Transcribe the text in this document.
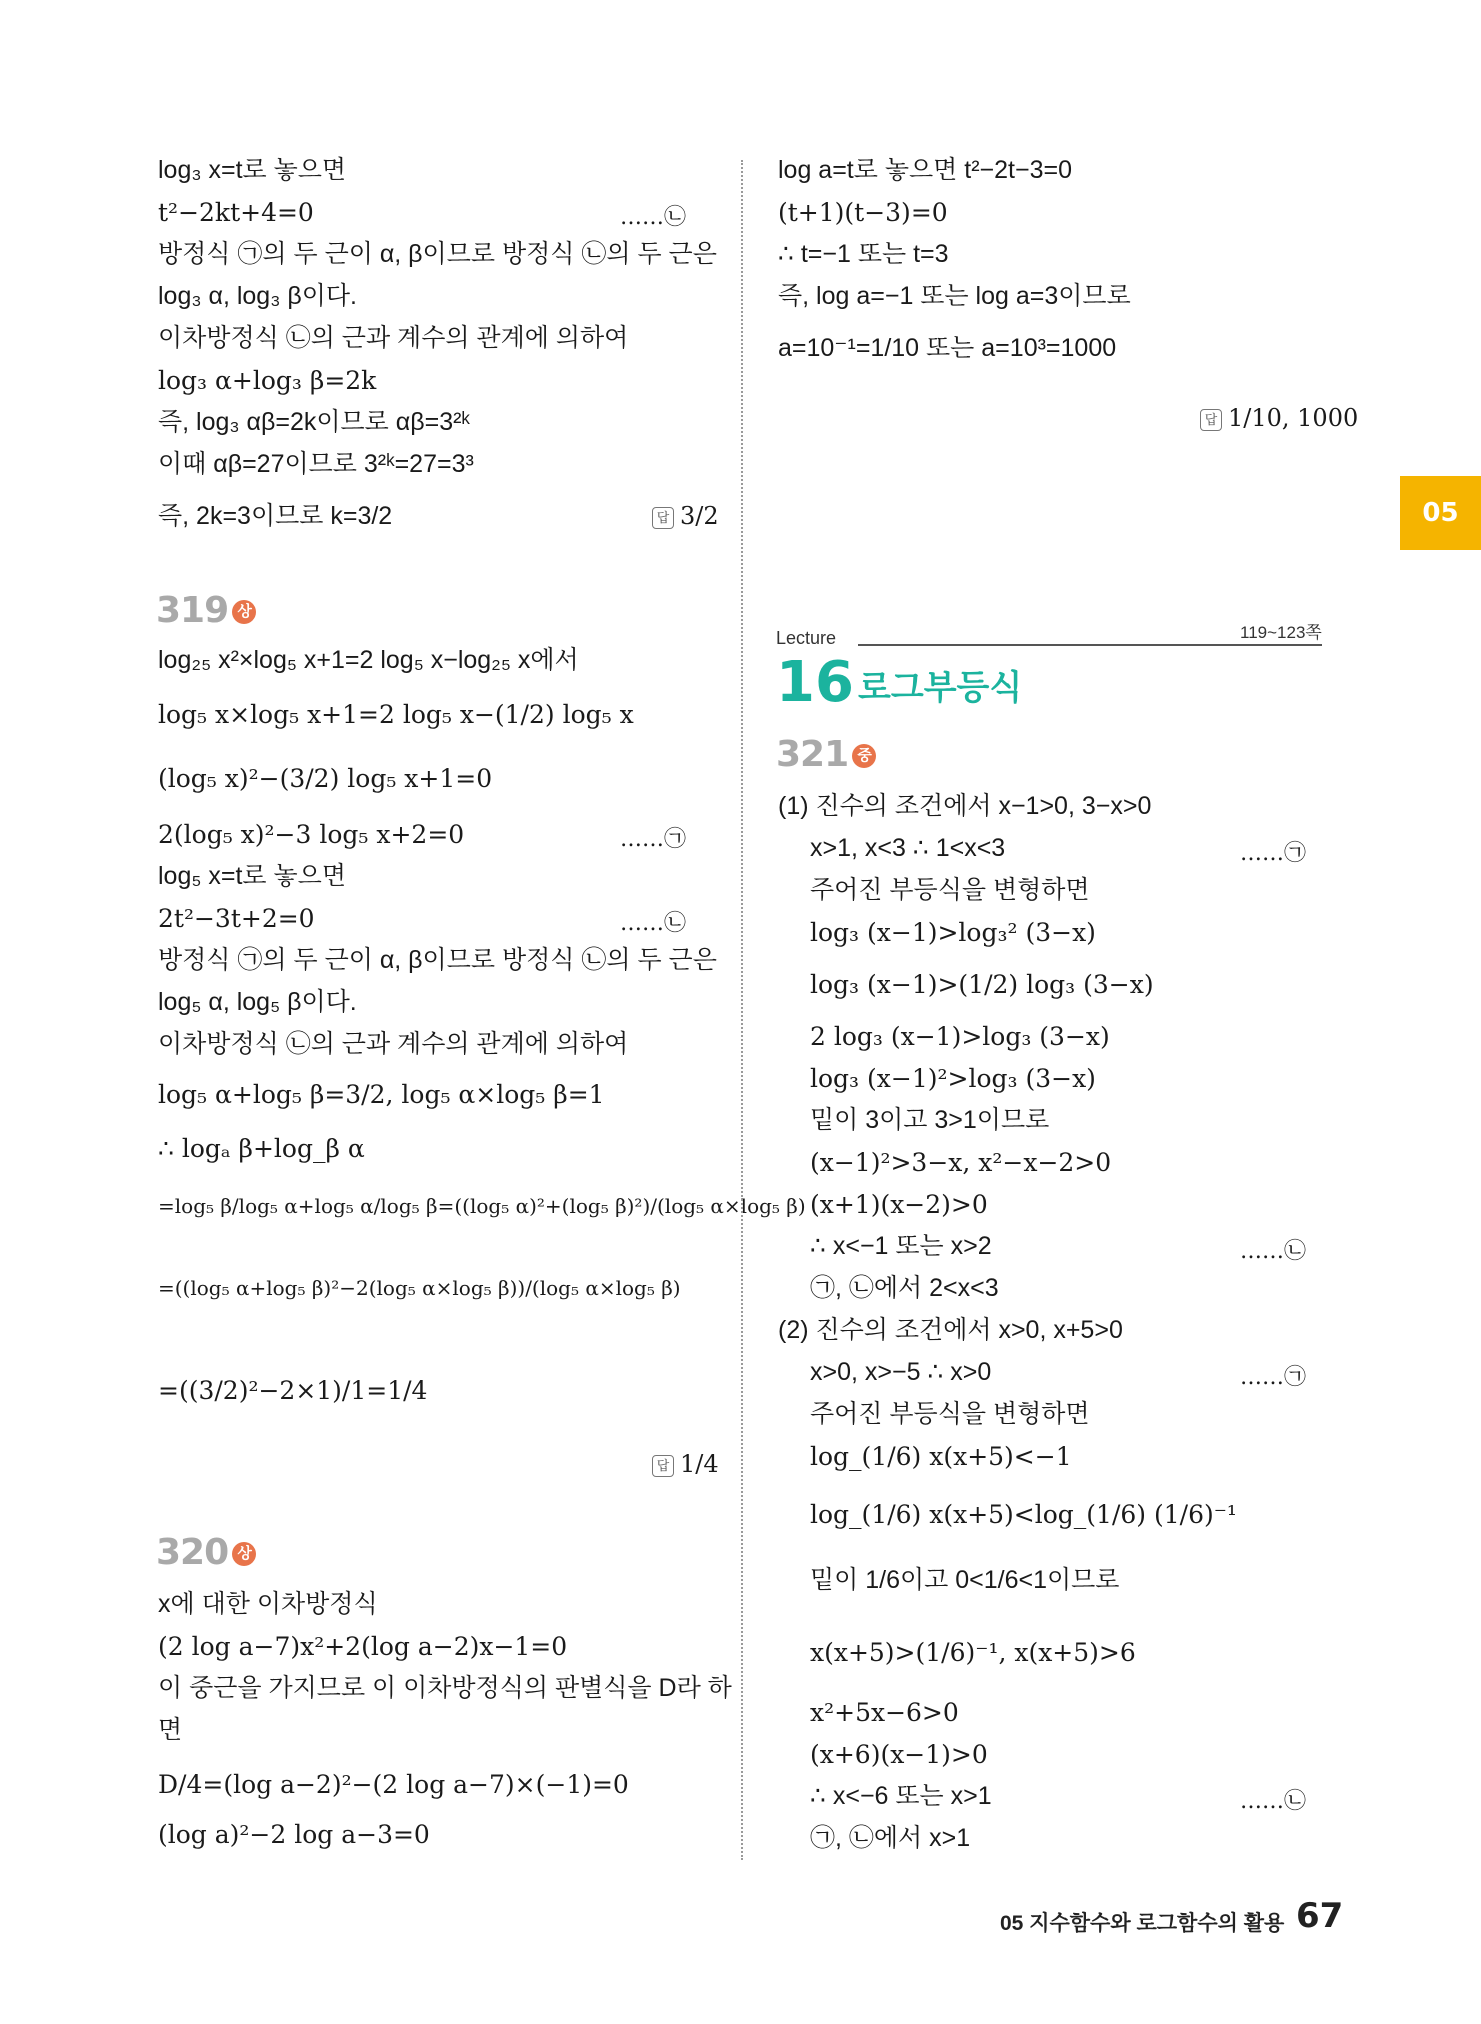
log₃ x=t로 놓으면
t²−2kt+4=0	……㉡
방정식 ㉠의 두 근이 α, β이므로 방정식 ㉡의 두 근은
log₃ α, log₃ β이다.
이차방정식 ㉡의 근과 계수의 관계에 의하여
log₃ α+log₃ β=2k
즉, log₃ αβ=2k이므로 αβ=3²ᵏ
이때 αβ=27이므로 3²ᵏ=27=3³
즉, 2k=3이므로 k=3/2	답 3/2
319 상
log₂₅ x²×log₅ x+1=2 log₅ x−log₂₅ x에서
log₅ x×log₅ x+1=2 log₅ x−(1/2) log₅ x
(log₅ x)²−(3/2) log₅ x+1=0
2(log₅ x)²−3 log₅ x+2=0	……㉠
log₅ x=t로 놓으면
2t²−3t+2=0	……㉡
방정식 ㉠의 두 근이 α, β이므로 방정식 ㉡의 두 근은
log₅ α, log₅ β이다.
이차방정식 ㉡의 근과 계수의 관계에 의하여
log₅ α+log₅ β=3/2, log₅ α×log₅ β=1
∴ logₐ β+log_β α
=log₅ β/log₅ α+log₅ α/log₅ β=((log₅ α)²+(log₅ β)²)/(log₅ α×log₅ β)
=((log₅ α+log₅ β)²−2(log₅ α×log₅ β))/(log₅ α×log₅ β)
=((3/2)²−2×1)/1=1/4
답 1/4
320 상
x에 대한 이차방정식
(2 log a−7)x²+2(log a−2)x−1=0
이 중근을 가지므로 이 이차방정식의 판별식을 D라 하
면
D/4=(log a−2)²−(2 log a−7)×(−1)=0
(log a)²−2 log a−3=0
log a=t로 놓으면 t²−2t−3=0
(t+1)(t−3)=0
∴ t=−1 또는 t=3
즉, log a=−1 또는 log a=3이므로
a=10⁻¹=1/10 또는 a=10³=1000
답 1/10, 1000
05
Lecture	119~123쪽
16 로그부등식
321 중
(1) 진수의 조건에서 x−1>0, 3−x>0
x>1, x<3 ∴ 1<x<3	……㉠
주어진 부등식을 변형하면
log₃ (x−1)>log₃² (3−x)
log₃ (x−1)>(1/2) log₃ (3−x)
2 log₃ (x−1)>log₃ (3−x)
log₃ (x−1)²>log₃ (3−x)
밑이 3이고 3>1이므로
(x−1)²>3−x, x²−x−2>0
(x+1)(x−2)>0
∴ x<−1 또는 x>2	……㉡
㉠, ㉡에서 2<x<3
(2) 진수의 조건에서 x>0, x+5>0
x>0, x>−5 ∴ x>0	……㉠
주어진 부등식을 변형하면
log_(1/6) x(x+5)<−1
log_(1/6) x(x+5)<log_(1/6) (1/6)⁻¹
밑이 1/6이고 0<1/6<1이므로
x(x+5)>(1/6)⁻¹, x(x+5)>6
x²+5x−6>0
(x+6)(x−1)>0
∴ x<−6 또는 x>1	……㉡
㉠, ㉡에서 x>1
05 지수함수와 로그함수의 활용 67
